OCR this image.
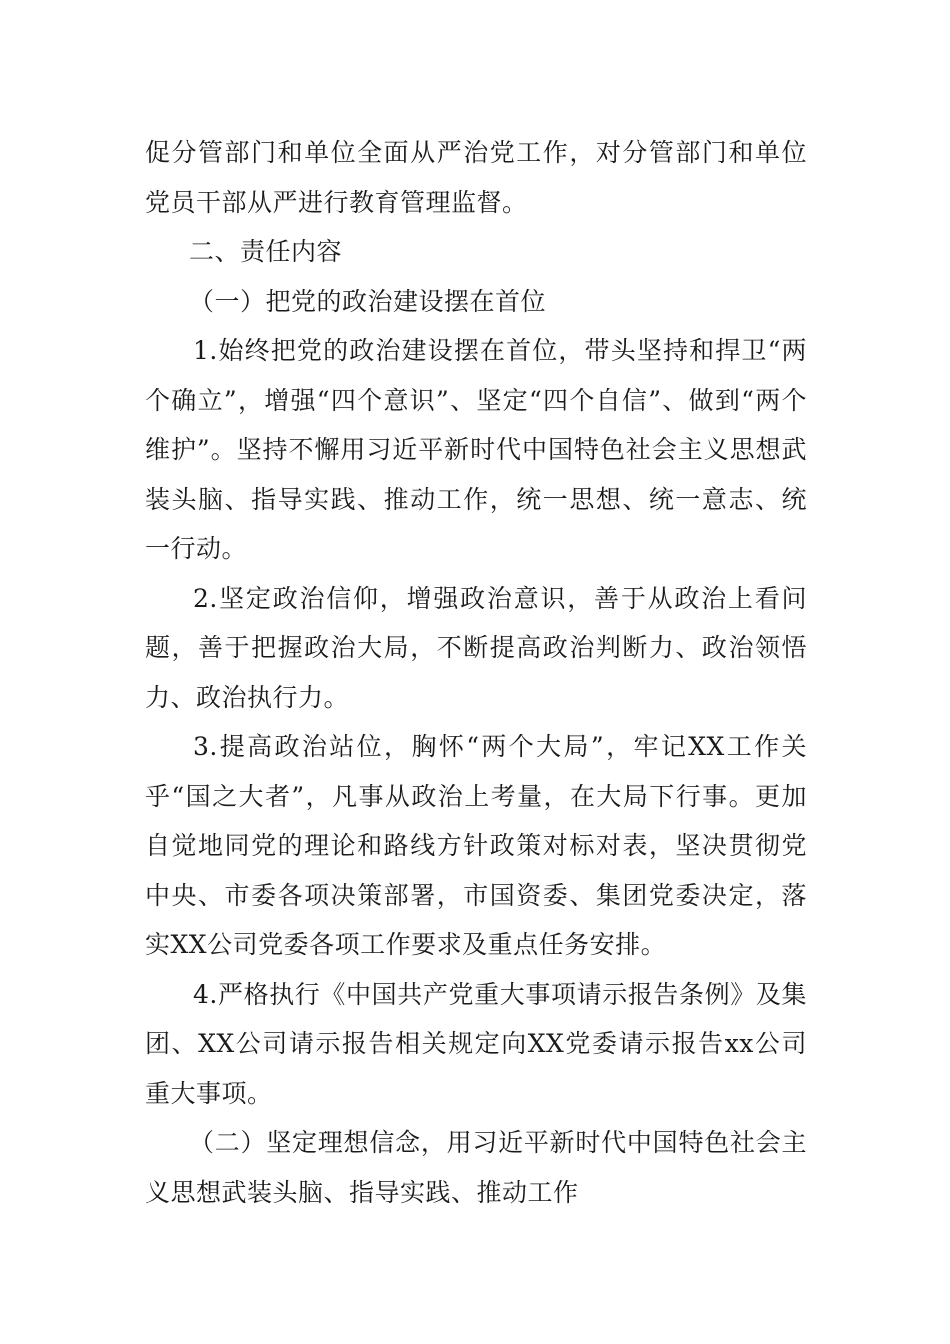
促分管部门和单位全面从严治党工作，对分管部门和单位党员干部从严进行教育管理监督。

二、责任内容

（一）把党的政治建设摆在首位

1.始终把党的政治建设摆在首位，带头坚持和捍卫“两个确立”，增强“四个意识”、坚定“四个自信”、做到“两个维护”。坚持不懈用习近平新时代中国特色社会主义思想武装头脑、指导实践、推动工作，统一思想、统一意志、统一行动。

2.坚定政治信仰，增强政治意识，善于从政治上看问题，善于把握政治大局，不断提高政治判断力、政治领悟力、政治执行力。

3.提高政治站位，胸怀“两个大局”，牢记XX工作关乎“国之大者”，凡事从政治上考量，在大局下行事。更加自觉地同党的理论和路线方针政策对标对表，坚决贯彻党中央、市委各项决策部署，市国资委、集团党委决定，落实XX公司党委各项工作要求及重点任务安排。

4.严格执行《中国共产党重大事项请示报告条例》及集团、XX公司请示报告相关规定向XX党委请示报告xx公司重大事项。

（二）坚定理想信念，用习近平新时代中国特色社会主义思想武装头脑、指导实践、推动工作
